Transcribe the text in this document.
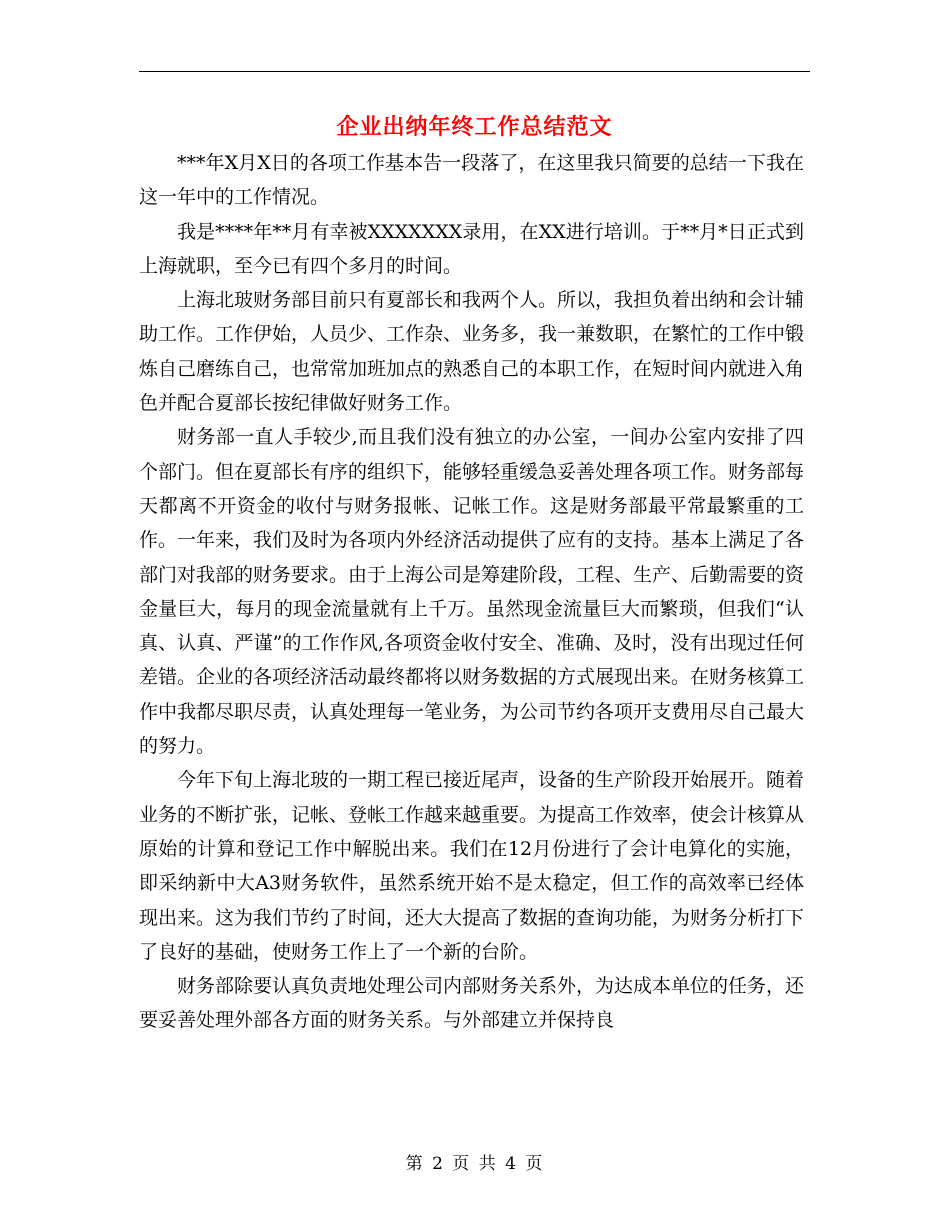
企业出纳年终工作总结范文

***年X月X日的各项工作基本告一段落了，在这里我只简要的总结一下我在这一年中的工作情况。

我是****年**月有幸被XXXXXXX录用，在XX进行培训。于**月*日正式到上海就职，至今已有四个多月的时间。

上海北玻财务部目前只有夏部长和我两个人。所以，我担负着出纳和会计辅助工作。工作伊始，人员少、工作杂、业务多，我一兼数职，在繁忙的工作中锻炼自己磨练自己，也常常加班加点的熟悉自己的本职工作，在短时间内就进入角色并配合夏部长按纪律做好财务工作。

财务部一直人手较少,而且我们没有独立的办公室，一间办公室内安排了四个部门。但在夏部长有序的组织下，能够轻重缓急妥善处理各项工作。财务部每天都离不开资金的收付与财务报帐、记帐工作。这是财务部最平常最繁重的工作。一年来，我们及时为各项内外经济活动提供了应有的支持。基本上满足了各部门对我部的财务要求。由于上海公司是筹建阶段，工程、生产、后勤需要的资金量巨大，每月的现金流量就有上千万。虽然现金流量巨大而繁琐，但我们“认真、认真、严谨”的工作作风,各项资金收付安全、准确、及时，没有出现过任何差错。企业的各项经济活动最终都将以财务数据的方式展现出来。在财务核算工作中我都尽职尽责，认真处理每一笔业务，为公司节约各项开支费用尽自己最大的努力。

今年下旬上海北玻的一期工程已接近尾声，设备的生产阶段开始展开。随着业务的不断扩张，记帐、登帐工作越来越重要。为提高工作效率，使会计核算从原始的计算和登记工作中解脱出来。我们在12月份进行了会计电算化的实施，即采纳新中大A3财务软件，虽然系统开始不是太稳定，但工作的高效率已经体现出来。这为我们节约了时间，还大大提高了数据的查询功能，为财务分析打下了良好的基础，使财务工作上了一个新的台阶。

财务部除要认真负责地处理公司内部财务关系外，为达成本单位的任务，还要妥善处理外部各方面的财务关系。与外部建立并保持良

第 2 页 共 4 页
